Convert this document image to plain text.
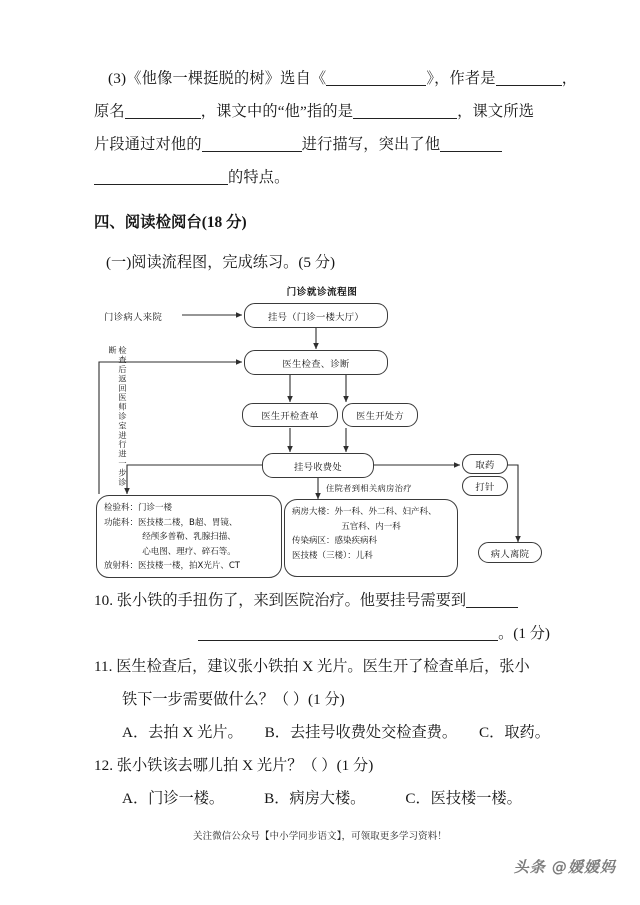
(3)《他像一棵挺脱的树》选自《	》，作者是	，
原名	，课文中的“他”指的是	，课文所选
片段通过对他的	进行描写，突出了他
的特点。
四、阅读检阅台(18 分)
(一)阅读流程图，完成练习。(5 分)
门诊就诊流程图
检查后返回医师诊室进行进一步诊断
门诊病人来院	挂号（门诊一楼大厅）
医生检查、诊断
医生开检查单	医生开处方
挂号收费处	取药
打针
病人离院
住院者到相关病房治疗
检验科：门诊一楼
功能科：医技楼二楼，B超、胃镜、
经颅多普勒、乳腺扫描、
心电图、理疗、碎石等。
放射科：医技楼一楼，拍X光片、CT
病房大楼：外一科、外二科、妇产科、
五官科、内一科
传染病区：感染疾病科
医技楼（三楼）：儿科
10. 张小铁的手扭伤了，来到医院治疗。他要挂号需要到
。(1 分)
11. 医生检查后，建议张小铁拍 X 光片。医生开了检查单后，张小
铁下一步需要做什么？（ ）(1 分)
A．去拍 X 光片。 B．去挂号收费处交检查费。 C．取药。
12. 张小铁该去哪儿拍 X 光片？（ ）(1 分)
A．门诊一楼。	B．病房大楼。	C．医技楼一楼。
关注微信公众号【中小学同步语文】，可领取更多学习资料！
头条 @媛媛妈
